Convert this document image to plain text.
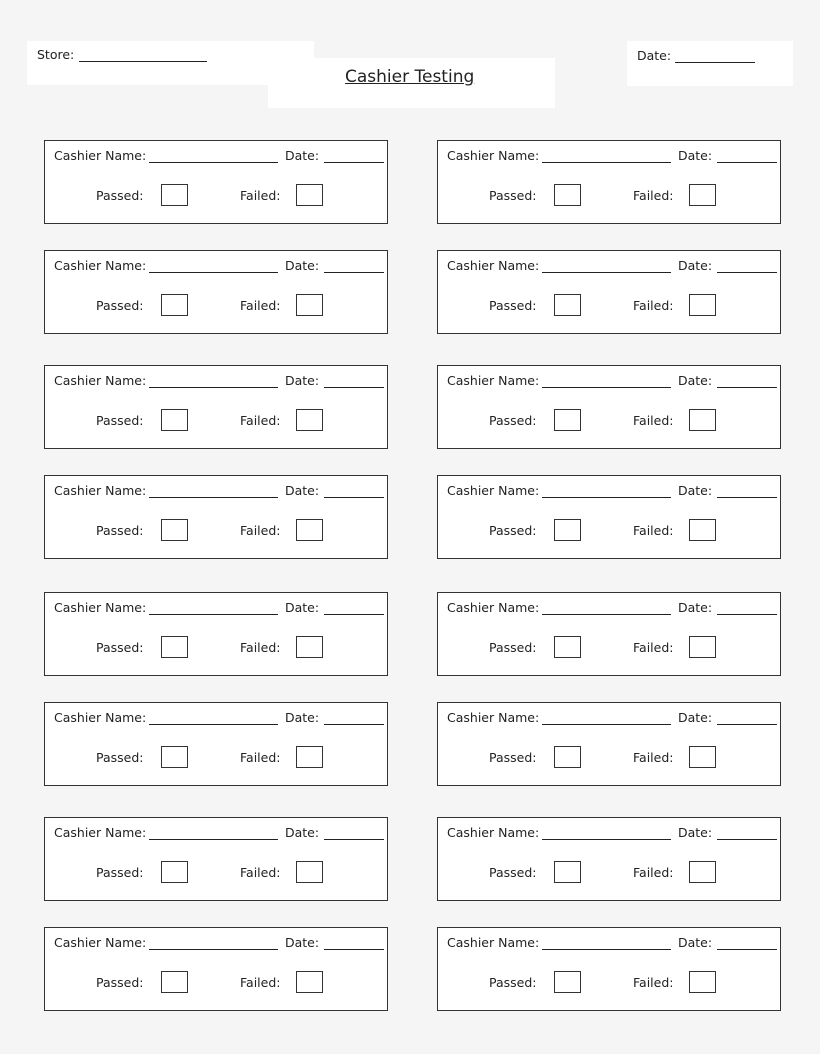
Store:
Cashier Testing
Date:
Cashier Name:	Date:
Passed:	Failed:
Cashier Name:	Date:
Passed:	Failed:
Cashier Name:	Date:
Passed:	Failed:
Cashier Name:	Date:
Passed:	Failed:
Cashier Name:	Date:
Passed:	Failed:
Cashier Name:	Date:
Passed:	Failed:
Cashier Name:	Date:
Passed:	Failed:
Cashier Name:	Date:
Passed:	Failed:
Cashier Name:	Date:
Passed:	Failed:
Cashier Name:	Date:
Passed:	Failed:
Cashier Name:	Date:
Passed:	Failed:
Cashier Name:	Date:
Passed:	Failed:
Cashier Name:	Date:
Passed:	Failed:
Cashier Name:	Date:
Passed:	Failed:
Cashier Name:	Date:
Passed:	Failed:
Cashier Name:	Date:
Passed:	Failed:
